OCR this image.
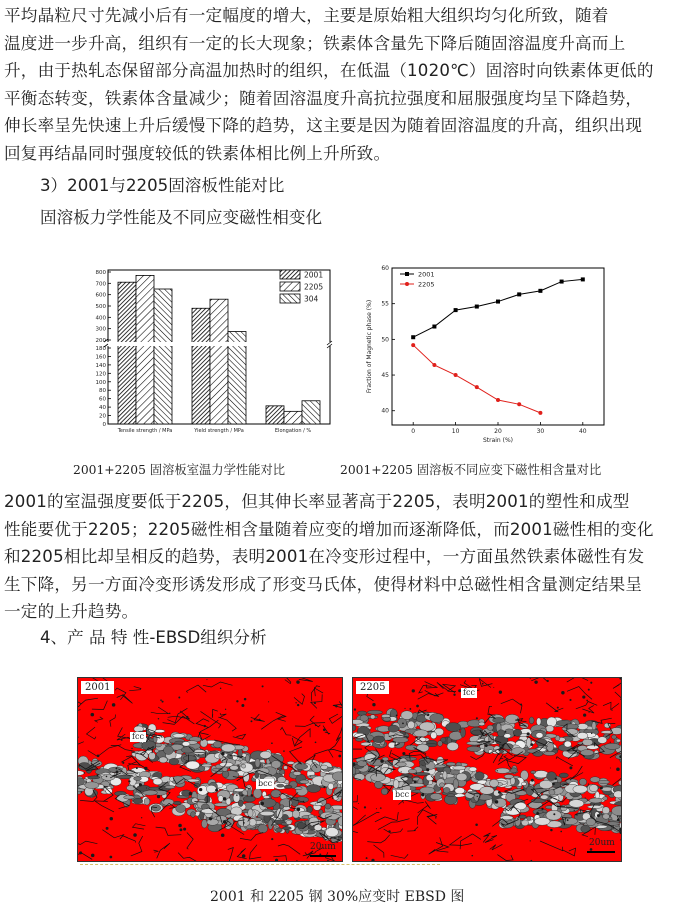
平均晶粒尺寸先减小后有一定幅度的增大，主要是原始粗大组织均匀化所致，随着
温度进一步升高，组织有一定的长大现象；铁素体含量先下降后随固溶温度升高而上
升，由于热轧态保留部分高温加热时的组织，在低温（1020℃）固溶时向铁素体更低的
平衡态转变，铁素体含量减少；随着固溶温度升高抗拉强度和屈服强度均呈下降趋势，
伸长率呈先快速上升后缓慢下降的趋势，这主要是因为随着固溶温度的升高，组织出现
回复再结晶同时强度较低的铁素体相比例上升所致。
3）2001与2205固溶板性能对比
固溶板力学性能及不同应变磁性相变化
200
300
400
500
600
700
800
0
20
40
60
80
100
120
140
160
180
Tensile strength / MPa	Yield strength / MPa	Elongation / %
2001
2205
304
0	10	20	30	40
40
45
50
55
60
Strain (%)
Fraction of Magnetic phase (%)
2001
2205
2001+2205 固溶板室温力学性能对比	2001+2205 固溶板不同应变下磁性相含量对比
2001的室温强度要低于2205，但其伸长率显著高于2205，表明2001的塑性和成型
性能要优于2205；2205磁性相含量随着应变的增加而逐渐降低，而2001磁性相的变化
和2205相比却呈相反的趋势，表明2001在冷变形过程中，一方面虽然铁素体磁性有发
生下降，另一方面冷变形诱发形成了形变马氏体，使得材料中总磁性相含量测定结果呈
一定的上升趋势。
4、产 品 特 性-EBSD组织分析
2001
fcc
bcc
20um
2205	fcc
bcc
20um
2001 和 2205 钢 30%应变时 EBSD 图
